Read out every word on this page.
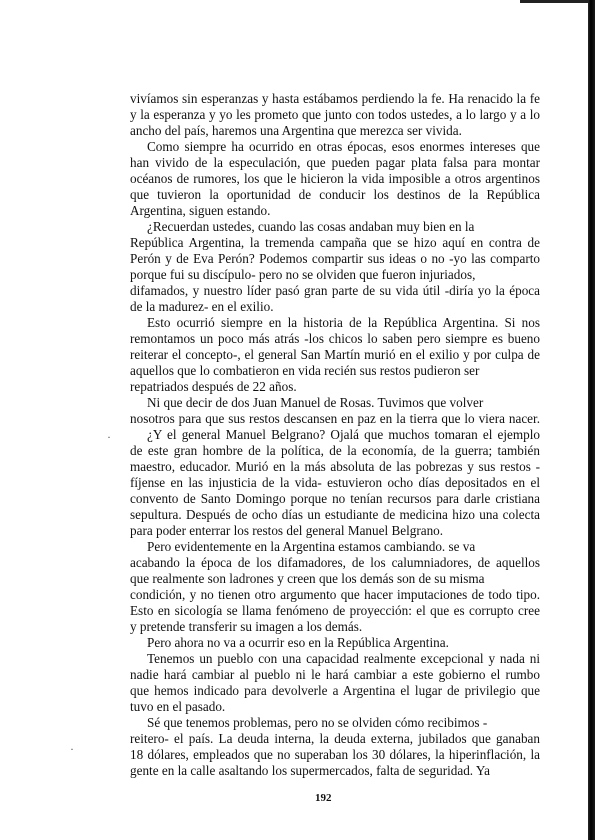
vivíamos sin esperanzas y hasta estábamos perdiendo la fe. Ha renacido la fe
y la esperanza y yo les prometo que junto con todos ustedes, a lo largo y a lo
ancho del país, haremos una Argentina que merezca ser vivida.
Como siempre ha ocurrido en otras épocas, esos enormes intereses que
han vivido de la especulación, que pueden pagar plata falsa para montar
océanos de rumores, los que le hicieron la vida imposible a otros argentinos
que tuvieron la oportunidad de conducir los destinos de la República
Argentina, siguen estando.
¿Recuerdan ustedes, cuando las cosas andaban muy bien en la
República Argentina, la tremenda campaña que se hizo aquí en contra de
Perón y de Eva Perón? Podemos compartir sus ideas o no -yo las comparto
porque fui su discípulo- pero no se olviden que fueron injuriados,
difamados, y nuestro líder pasó gran parte de su vida útil -diría yo la época
de la madurez- en el exilio.
Esto ocurrió siempre en la historia de la República Argentina. Si nos
remontamos un poco más atrás -los chicos lo saben pero siempre es bueno
reiterar el concepto-, el general San Martín murió en el exilio y por culpa de
aquellos que lo combatieron en vida recién sus restos pudieron ser
repatriados después de 22 años.
Ni que decir de dos Juan Manuel de Rosas. Tuvimos que volver
nosotros para que sus restos descansen en paz en la tierra que lo viera nacer.
¿Y el general Manuel Belgrano? Ojalá que muchos tomaran el ejemplo
de este gran hombre de la política, de la economía, de la guerra; también
maestro, educador. Murió en la más absoluta de las pobrezas y sus restos -
fíjense en las injusticia de la vida- estuvieron ocho días depositados en el
convento de Santo Domingo porque no tenían recursos para darle cristiana
sepultura. Después de ocho días un estudiante de medicina hizo una colecta
para poder enterrar los restos del general Manuel Belgrano.
Pero evidentemente en la Argentina estamos cambiando. se va
acabando la época de los difamadores, de los calumniadores, de aquellos
que realmente son ladrones y creen que los demás son de su misma
condición, y no tienen otro argumento que hacer imputaciones de todo tipo.
Esto en sicología se llama fenómeno de proyección: el que es corrupto cree
y pretende transferir su imagen a los demás.
Pero ahora no va a ocurrir eso en la República Argentina.
Tenemos un pueblo con una capacidad realmente excepcional y nada ni
nadie hará cambiar al pueblo ni le hará cambiar a este gobierno el rumbo
que hemos indicado para devolverle a Argentina el lugar de privilegio que
tuvo en el pasado.
Sé que tenemos problemas, pero no se olviden cómo recibimos -
reitero- el país. La deuda interna, la deuda externa, jubilados que ganaban
18 dólares, empleados que no superaban los 30 dólares, la hiperinflación, la
gente en la calle asaltando los supermercados, falta de seguridad. Ya
·
·
192
